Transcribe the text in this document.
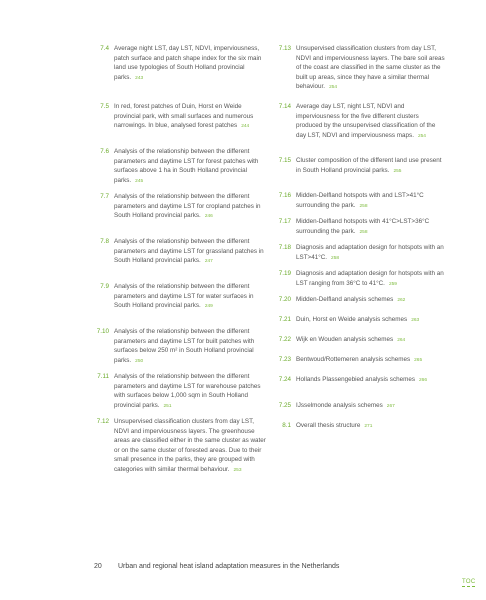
7.4 Average night LST, day LST, NDVI, imperviousness, patch surface and patch shape index for the six main land use typologies of South Holland provincial parks. 243
7.5 In red, forest patches of Duin, Horst en Weide provincial park, with small surfaces and numerous narrowings. In blue, analysed forest patches 244
7.6 Analysis of the relationship between the different parameters and daytime LST for forest patches with surfaces above 1 ha in South Holland provincial parks. 245
7.7 Analysis of the relationship between the different parameters and daytime LST for cropland patches in South Holland provincial parks. 246
7.8 Analysis of the relationship between the different parameters and daytime LST for grassland patches in South Holland provincial parks. 247
7.9 Analysis of the relationship between the different parameters and daytime LST for water surfaces in South Holland provincial parks. 249
7.10 Analysis of the relationship between the different parameters and daytime LST for built patches with surfaces below 250 m² in South Holland provincial parks. 250
7.11 Analysis of the relationship between the different parameters and daytime LST for warehouse patches with surfaces below 1,000 sqm in South Holland provincial parks. 251
7.12 Unsupervised classification clusters from day LST, NDVI and imperviousness layers. The greenhouse areas are classified either in the same cluster as water or on the same cluster of forested areas. Due to their small presence in the parks, they are grouped with categories with similar thermal behaviour. 253
7.13 Unsupervised classification clusters from day LST, NDVI and imperviousness layers. The bare soil areas of the coast are classified in the same cluster as the built up areas, since they have a similar thermal behaviour. 254
7.14 Average day LST, night LST, NDVI and imperviousness for the five different clusters produced by the unsupervised classification of the day LST, NDVI and imperviousness maps. 254
7.15 Cluster composition of the different land use present in South Holland provincial parks. 255
7.16 Midden-Delfland hotspots with and LST>41°C surrounding the park. 258
7.17 Midden-Delfland hotspots with 41°C>LST>36°C surrounding the park. 258
7.18 Diagnosis and adaptation design for hotspots with an LST>41°C. 258
7.19 Diagnosis and adaptation design for hotspots with an LST ranging from 36°C to 41°C. 259
7.20 Midden-Delfland analysis schemes 262
7.21 Duin, Horst en Weide analysis schemes 263
7.22 Wijk en Wouden analysis schemes 264
7.23 Bentwoud/Rottemeren analysis schemes 265
7.24 Hollands Plassengebied analysis schemes 266
7.25 IJsselmonde analysis schemes 267
8.1 Overall thesis structure 271
20 Urban and regional heat island adaptation measures in the Netherlands
TOC
